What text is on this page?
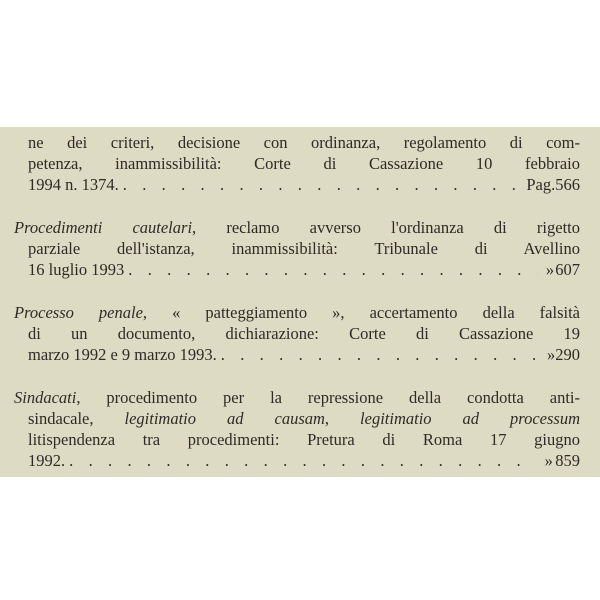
ne dei criteri, decisione con ordinanza, regolamento di com-
petenza, inammissibilità: Corte di Cassazione 10 febbraio
1994 n. 1374. . . .	Pag. 566
Procedimenti cautelari, reclamo avverso l'ordinanza di rigetto
parziale dell'istanza, inammissibilità: Tribunale di Avellino
16 luglio 1993 . . .	» 607
Processo penale, « patteggiamento », accertamento della falsità
di un documento, dichiarazione: Corte di Cassazione 19
marzo 1992 e 9 marzo 1993. . . .	» 290
Sindacati, procedimento per la repressione della condotta anti-
sindacale, legitimatio ad causam, legitimatio ad processum
litispendenza tra procedimenti: Pretura di Roma 17 giugno
1992. . . .	» 859
